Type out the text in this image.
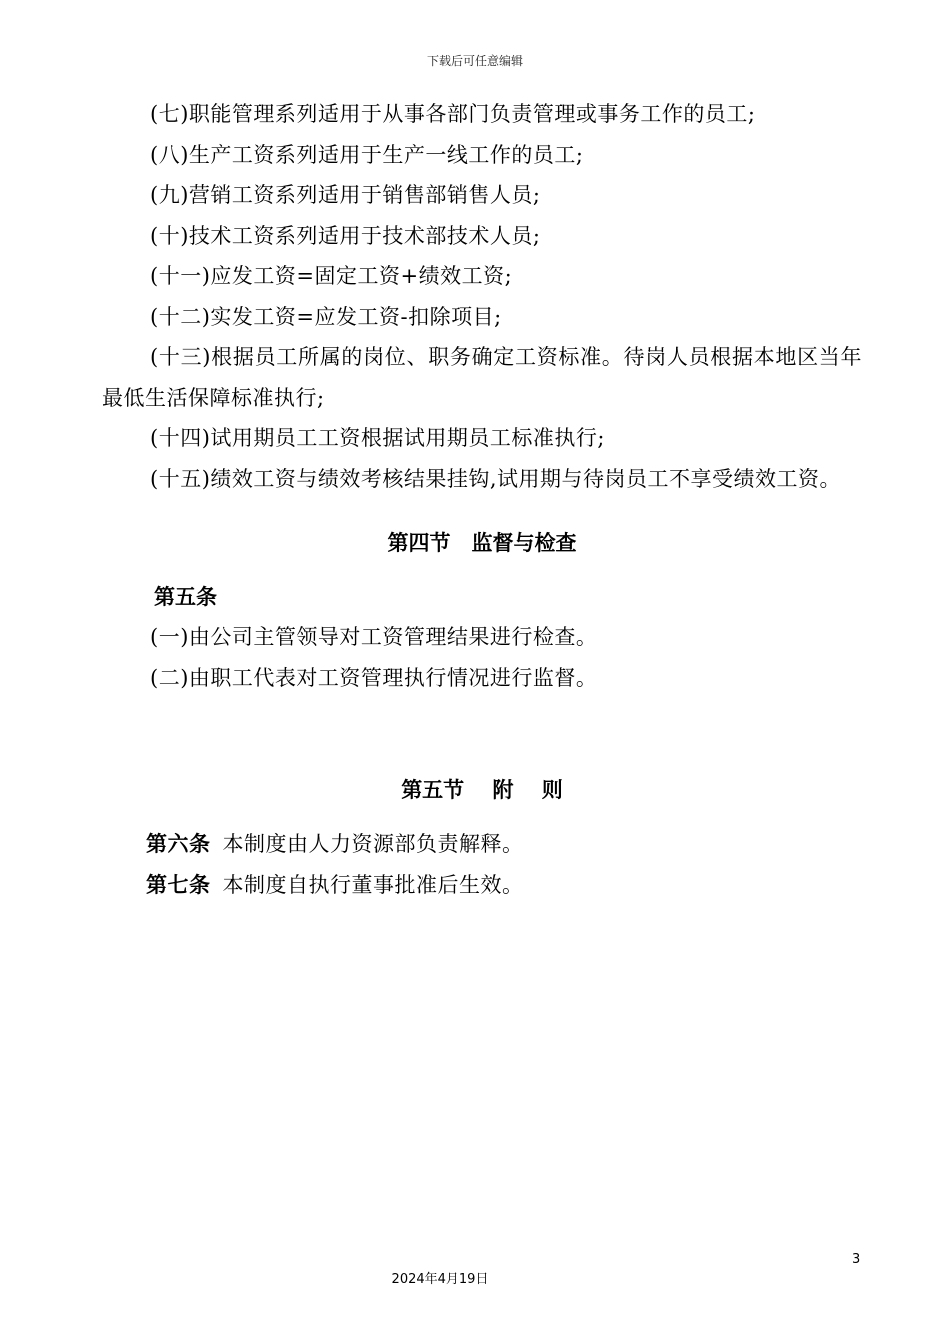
下载后可任意编辑

(七)职能管理系列适用于从事各部门负责管理或事务工作的员工;

(八)生产工资系列适用于生产一线工作的员工;

(九)营销工资系列适用于销售部销售人员;

(十)技术工资系列适用于技术部技术人员;

(十一)应发工资=固定工资+绩效工资;

(十二)实发工资=应发工资-扣除项目;

(十三)根据员工所属的岗位、职务确定工资标准。待岗人员根据本地区当年最低生活保障标准执行;

(十四)试用期员工工资根据试用期员工标准执行;

(十五)绩效工资与绩效考核结果挂钩,试用期与待岗员工不享受绩效工资。

第四节　监督与检查

第五条

(一)由公司主管领导对工资管理结果进行检查。

(二)由职工代表对工资管理执行情况进行监督。

第五节　 附　 则

第六条 本制度由人力资源部负责解释。

第七条 本制度自执行董事批准后生效。

3
2024年4月19日
